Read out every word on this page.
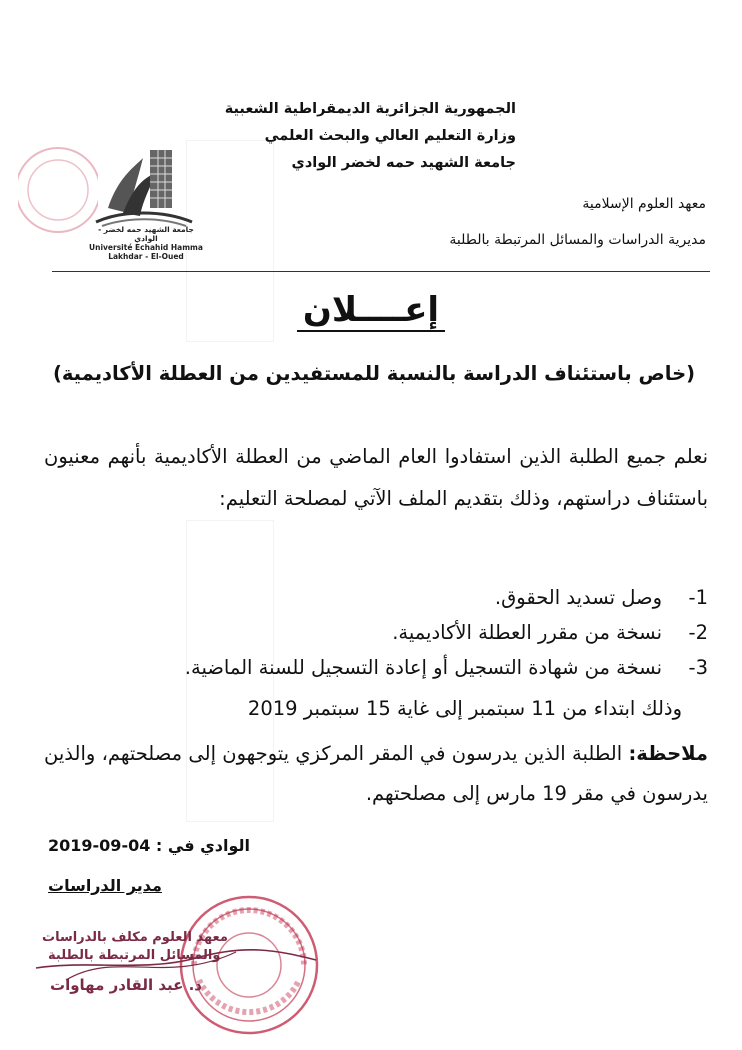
الجمهورية الجزائرية الديمقراطية الشعبية
وزارة التعليم العالي والبحث العلمي
جامعة الشهيد حمه لخضر الوادي
جامعة الشهيد حمه لخضر - الوادي
Université Echahid Hamma Lakhdar - El-Oued
معهد العلوم الإسلامية
مديرية الدراسات والمسائل المرتبطة بالطلبة
إعــــلان
(خاص باستئناف الدراسة بالنسبة للمستفيدين من العطلة الأكاديمية)
نعلم جميع الطلبة الذين استفادوا العام الماضي من العطلة الأكاديمية بأنهم معنيون باستئناف دراستهم، وذلك بتقديم الملف الآتي لمصلحة التعليم:
1-
وصل تسديد الحقوق.
2-
نسخة من مقرر العطلة الأكاديمية.
3-
نسخة من شهادة التسجيل أو إعادة التسجيل للسنة الماضية.
وذلك ابتداء من 11 سبتمبر إلى غاية 15 سبتمبر 2019
ملاحظة: الطلبة الذين يدرسون في المقر المركزي يتوجهون إلى مصلحتهم، والذين يدرسون في مقر 19 مارس إلى مصلحتهم.
الوادي في : 04-09-2019
مدير الدراسات
معهد العلوم مكلف بالدراسات
والمسائل المرتبطة بالطلبة
د. عبد القادر مهاوات
